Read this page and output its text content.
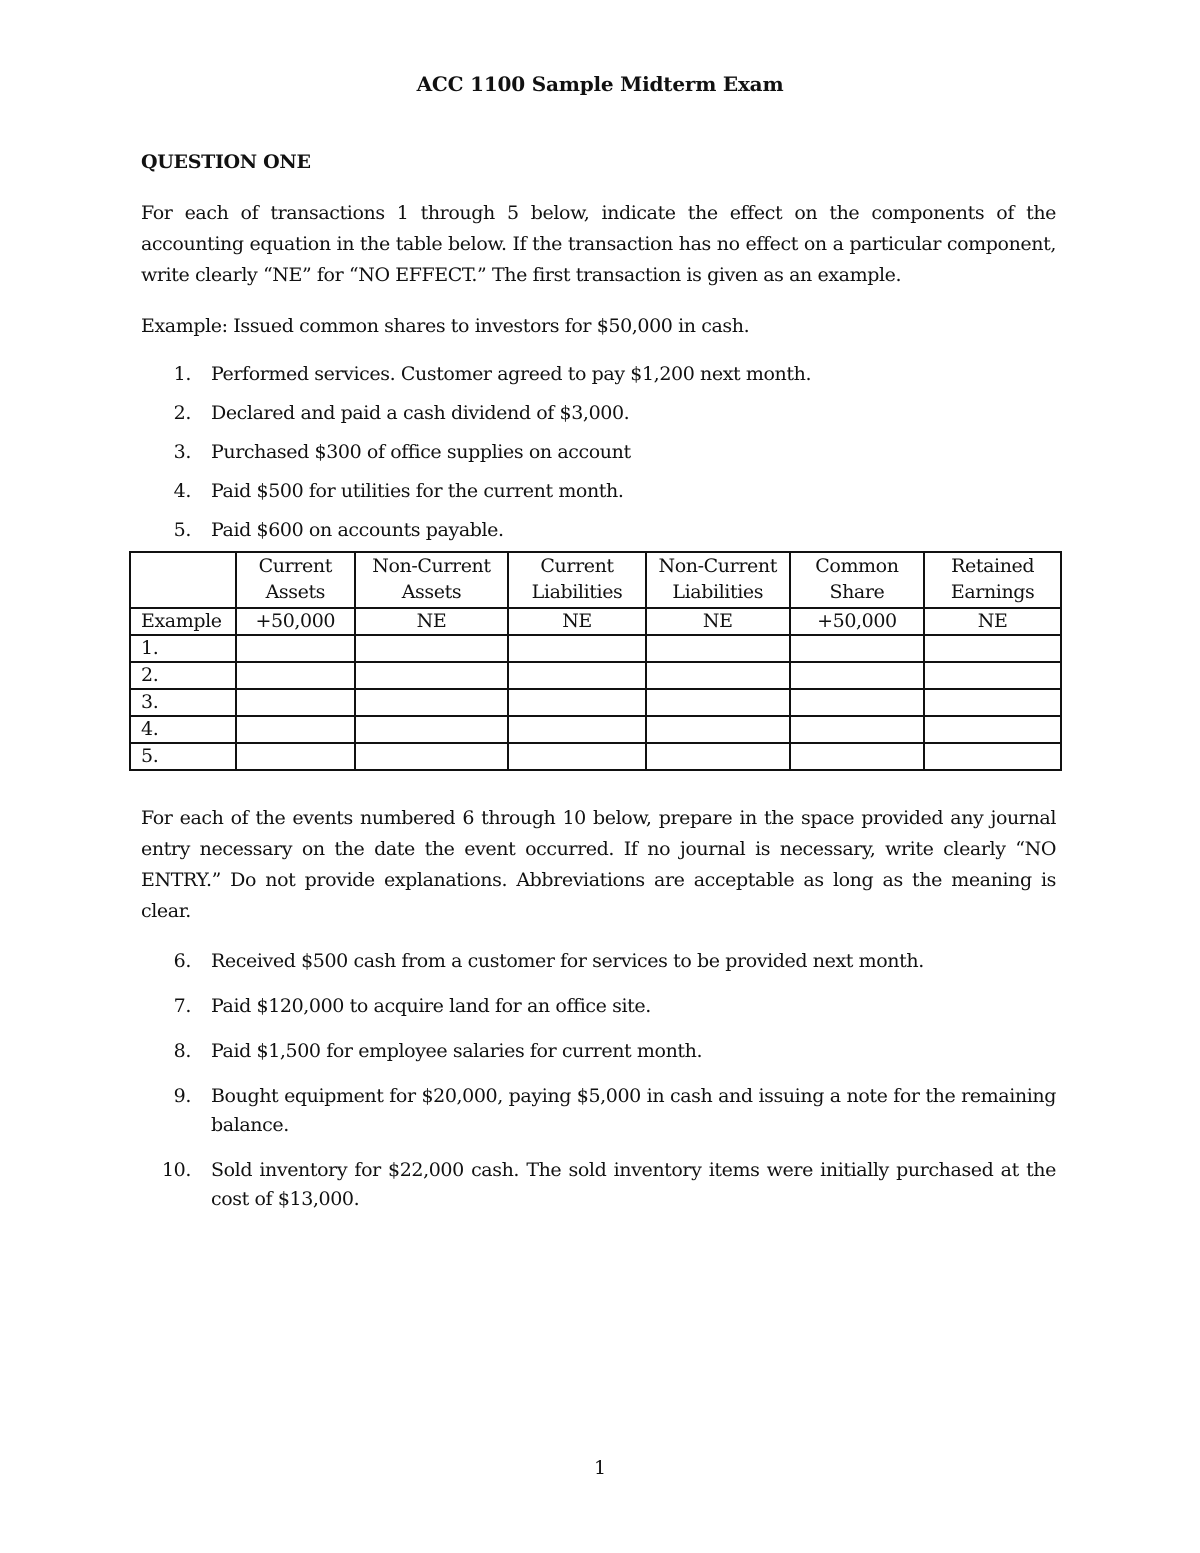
ACC 1100 Sample Midterm Exam
QUESTION ONE
For each of transactions 1 through 5 below, indicate the effect on the components of the accounting equation in the table below. If the transaction has no effect on a particular component, write clearly “NE” for “NO EFFECT.” The first transaction is given as an example.
Example: Issued common shares to investors for $50,000 in cash.
1. Performed services. Customer agreed to pay $1,200 next month.
2. Declared and paid a cash dividend of $3,000.
3. Purchased $300 of office supplies on account
4. Paid $500 for utilities for the current month.
5. Paid $600 on accounts payable.
	Current Assets	Non-Current Assets	Current Liabilities	Non-Current Liabilities	Common Share	Retained Earnings
Example	+50,000	NE	NE	NE	+50,000	NE
1.						
2.						
3.						
4.						
5.						
For each of the events numbered 6 through 10 below, prepare in the space provided any journal entry necessary on the date the event occurred. If no journal is necessary, write clearly “NO ENTRY.” Do not provide explanations. Abbreviations are acceptable as long as the meaning is clear.
6. Received $500 cash from a customer for services to be provided next month.
7. Paid $120,000 to acquire land for an office site.
8. Paid $1,500 for employee salaries for current month.
9. Bought equipment for $20,000, paying $5,000 in cash and issuing a note for the remaining balance.
10. Sold inventory for $22,000 cash. The sold inventory items were initially purchased at the cost of $13,000.
1
